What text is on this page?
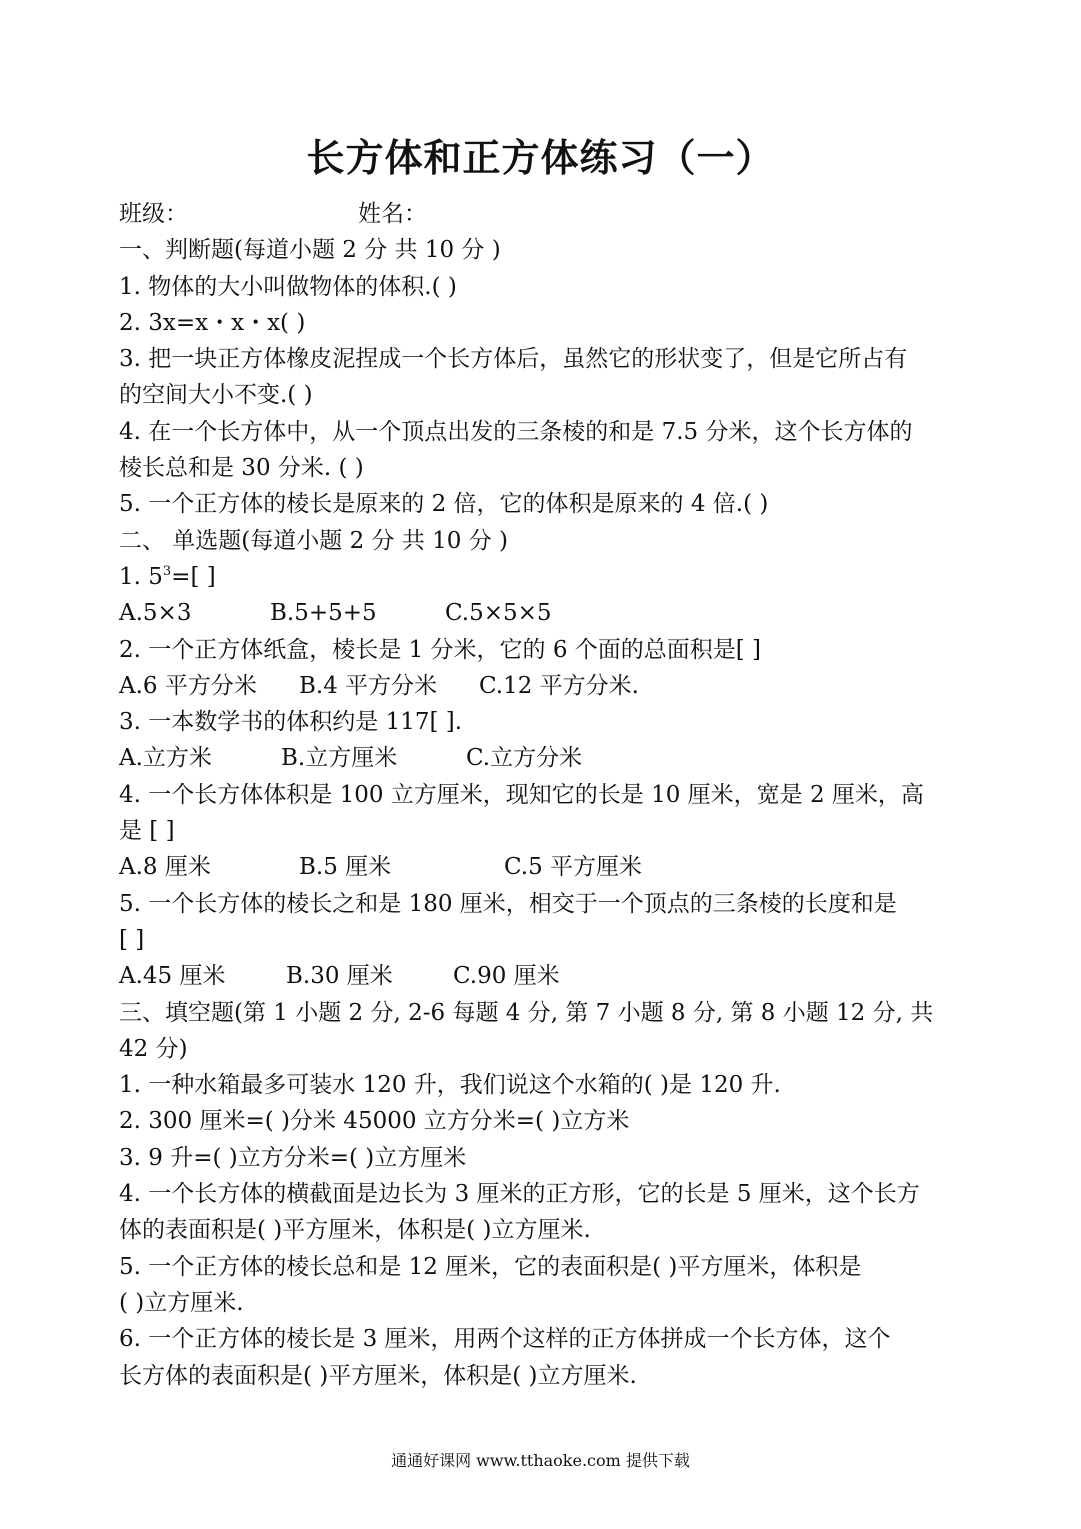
长方体和正方体练习（一）
班级：	姓名：
一、判断题(每道小题 2 分 共 10 分 )
1. 物体的大小叫做物体的体积.( )
2. 3x=x・x・x( )
3. 把一块正方体橡皮泥捏成一个长方体后，虽然它的形状变了，但是它所占有
的空间大小不变.( )
4. 在一个长方体中，从一个顶点出发的三条棱的和是 7.5 分米，这个长方体的
棱长总和是 30 分米. ( )
5. 一个正方体的棱长是原来的 2 倍，它的体积是原来的 4 倍.( )
二、 单选题(每道小题 2 分 共 10 分 )
1. $5^3=$[ ]
A.5×3	B.5+5+5	C.5×5×5
2. 一个正方体纸盒，棱长是 1 分米，它的 6 个面的总面积是[ ]
A.6 平方分米 B.4 平方分米 C.12 平方分米.
3. 一本数学书的体积约是 117[ ].
A.立方米	B.立方厘米	C.立方分米
4. 一个长方体体积是 100 立方厘米，现知它的长是 10 厘米，宽是 2 厘米，高
是 [ ]
A.8 厘米	B.5 厘米	C.5 平方厘米
5. 一个长方体的棱长之和是 180 厘米，相交于一个顶点的三条棱的长度和是
[ ]
A.45 厘米	B.30 厘米	C.90 厘米
三、填空题(第 1 小题 2 分, 2-6 每题 4 分, 第 7 小题 8 分, 第 8 小题 12 分, 共
42 分)
1. 一种水箱最多可装水 120 升，我们说这个水箱的( )是 120 升.
2. 300 厘米=( )分米 45000 立方分米=( )立方米
3. 9 升=( )立方分米=( )立方厘米
4. 一个长方体的横截面是边长为 3 厘米的正方形，它的长是 5 厘米，这个长方
体的表面积是( )平方厘米，体积是( )立方厘米.
5. 一个正方体的棱长总和是 12 厘米，它的表面积是( )平方厘米，体积是
( )立方厘米.
6. 一个正方体的棱长是 3 厘米，用两个这样的正方体拼成一个长方体，这个
长方体的表面积是( )平方厘米，体积是( )立方厘米.
通通好课网 www.tthaoke.com 提供下载
